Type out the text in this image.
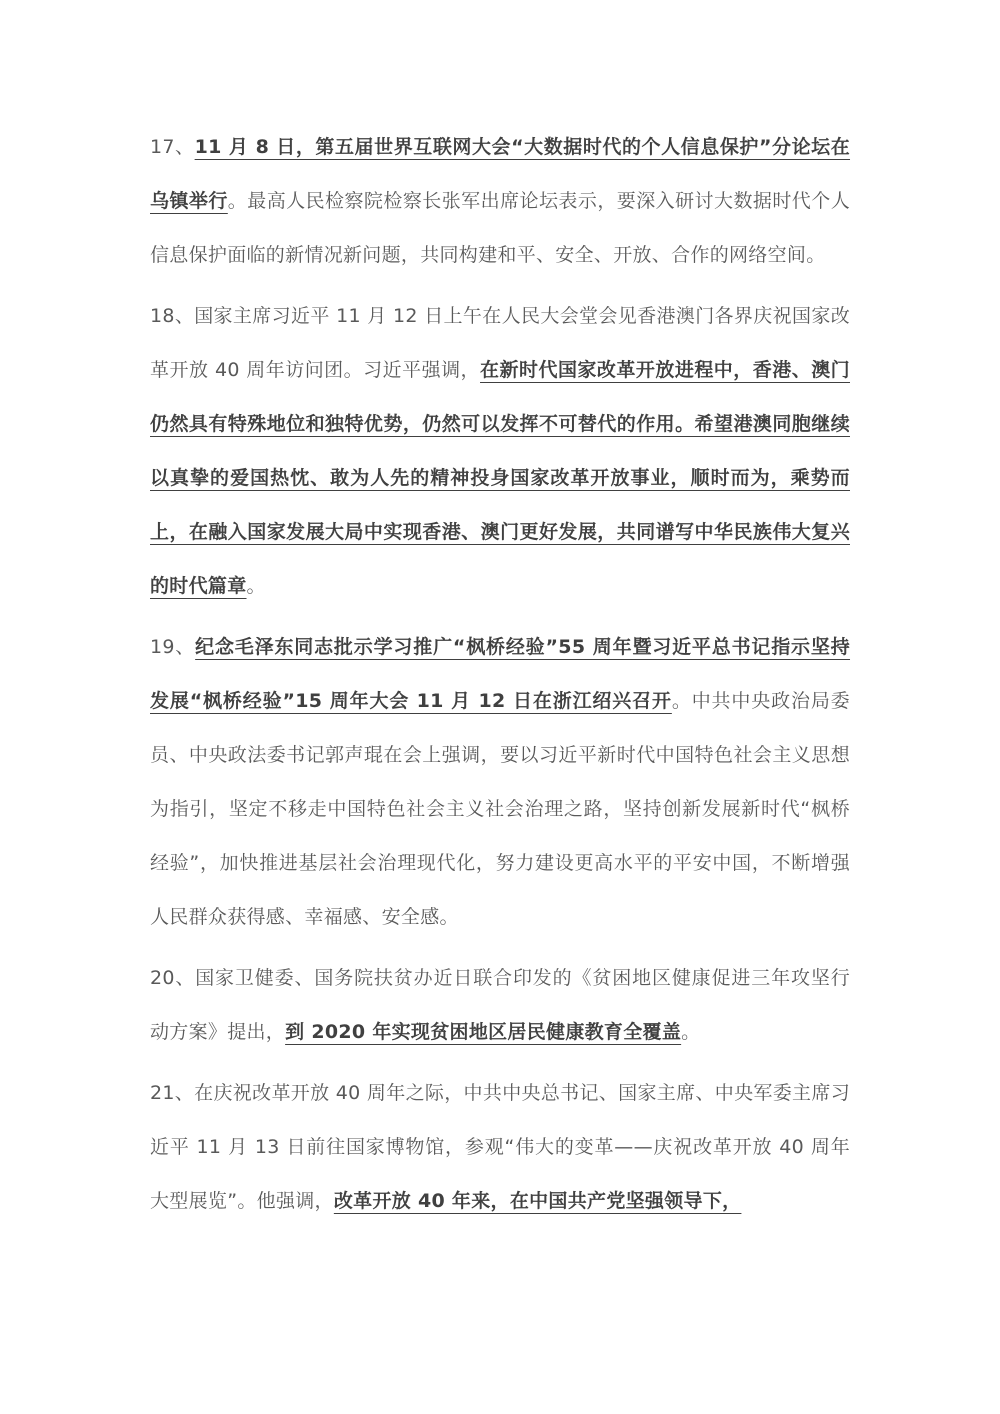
17、11 月 8 日，第五届世界互联网大会“大数据时代的个人信息保护”分论坛在乌镇举行。最高人民检察院检察长张军出席论坛表示，要深入研讨大数据时代个人信息保护面临的新情况新问题，共同构建和平、安全、开放、合作的网络空间。

18、国家主席习近平 11 月 12 日上午在人民大会堂会见香港澳门各界庆祝国家改革开放 40 周年访问团。习近平强调，在新时代国家改革开放进程中，香港、澳门仍然具有特殊地位和独特优势，仍然可以发挥不可替代的作用。希望港澳同胞继续以真挚的爱国热忱、敢为人先的精神投身国家改革开放事业，顺时而为，乘势而上，在融入国家发展大局中实现香港、澳门更好发展，共同谱写中华民族伟大复兴的时代篇章。

19、纪念毛泽东同志批示学习推广“枫桥经验”55 周年暨习近平总书记指示坚持发展“枫桥经验”15 周年大会 11 月 12 日在浙江绍兴召开。中共中央政治局委员、中央政法委书记郭声琨在会上强调，要以习近平新时代中国特色社会主义思想为指引，坚定不移走中国特色社会主义社会治理之路，坚持创新发展新时代“枫桥经验”，加快推进基层社会治理现代化，努力建设更高水平的平安中国，不断增强人民群众获得感、幸福感、安全感。

20、国家卫健委、国务院扶贫办近日联合印发的《贫困地区健康促进三年攻坚行动方案》提出，到 2020 年实现贫困地区居民健康教育全覆盖。

21、在庆祝改革开放 40 周年之际，中共中央总书记、国家主席、中央军委主席习近平 11 月 13 日前往国家博物馆，参观“伟大的变革——庆祝改革开放 40 周年大型展览”。他强调，改革开放 40 年来，在中国共产党坚强领导下，
